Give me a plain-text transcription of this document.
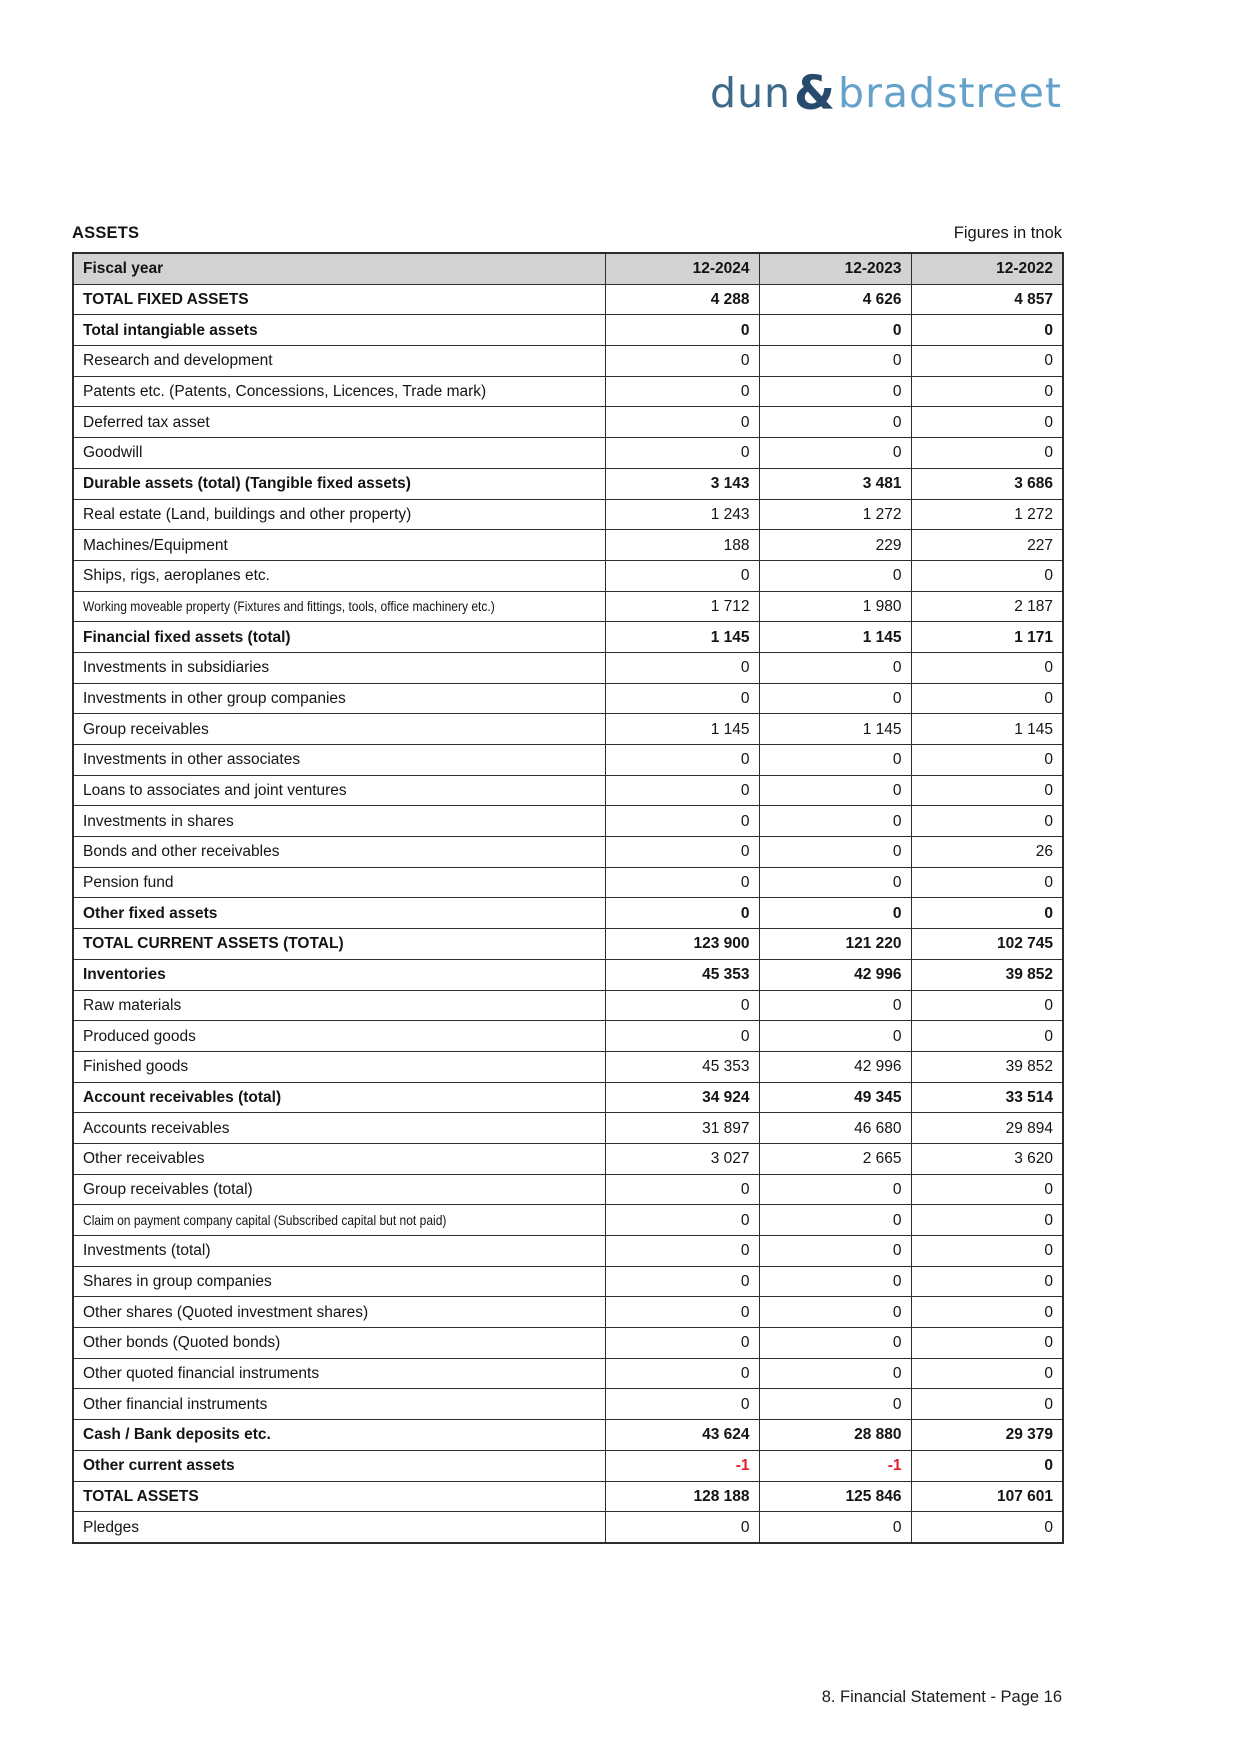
dun & bradstreet
ASSETS	Figures in tnok
Fiscal year	12-2024	12-2023	12-2022
TOTAL FIXED ASSETS	4 288	4 626	4 857
Total intangiable assets	0	0	0
Research and development	0	0	0
Patents etc. (Patents, Concessions, Licences, Trade mark)	0	0	0
Deferred tax asset	0	0	0
Goodwill	0	0	0
Durable assets (total) (Tangible fixed assets)	3 143	3 481	3 686
Real estate (Land, buildings and other property)	1 243	1 272	1 272
Machines/Equipment	188	229	227
Ships, rigs, aeroplanes etc.	0	0	0
Working moveable property (Fixtures and fittings, tools, office machinery etc.)	1 712	1 980	2 187
Financial fixed assets (total)	1 145	1 145	1 171
Investments in subsidiaries	0	0	0
Investments in other group companies	0	0	0
Group receivables	1 145	1 145	1 145
Investments in other associates	0	0	0
Loans to associates and joint ventures	0	0	0
Investments in shares	0	0	0
Bonds and other receivables	0	0	26
Pension fund	0	0	0
Other fixed assets	0	0	0
TOTAL CURRENT ASSETS (TOTAL)	123 900	121 220	102 745
Inventories	45 353	42 996	39 852
Raw materials	0	0	0
Produced goods	0	0	0
Finished goods	45 353	42 996	39 852
Account receivables (total)	34 924	49 345	33 514
Accounts receivables	31 897	46 680	29 894
Other receivables	3 027	2 665	3 620
Group receivables (total)	0	0	0
Claim on payment company capital (Subscribed capital but not paid)	0	0	0
Investments (total)	0	0	0
Shares in group companies	0	0	0
Other shares (Quoted investment shares)	0	0	0
Other bonds (Quoted bonds)	0	0	0
Other quoted financial instruments	0	0	0
Other financial instruments	0	0	0
Cash / Bank deposits etc.	43 624	28 880	29 379
Other current assets	-1	-1	0
TOTAL ASSETS	128 188	125 846	107 601
Pledges	0	0	0
8. Financial Statement - Page 16
